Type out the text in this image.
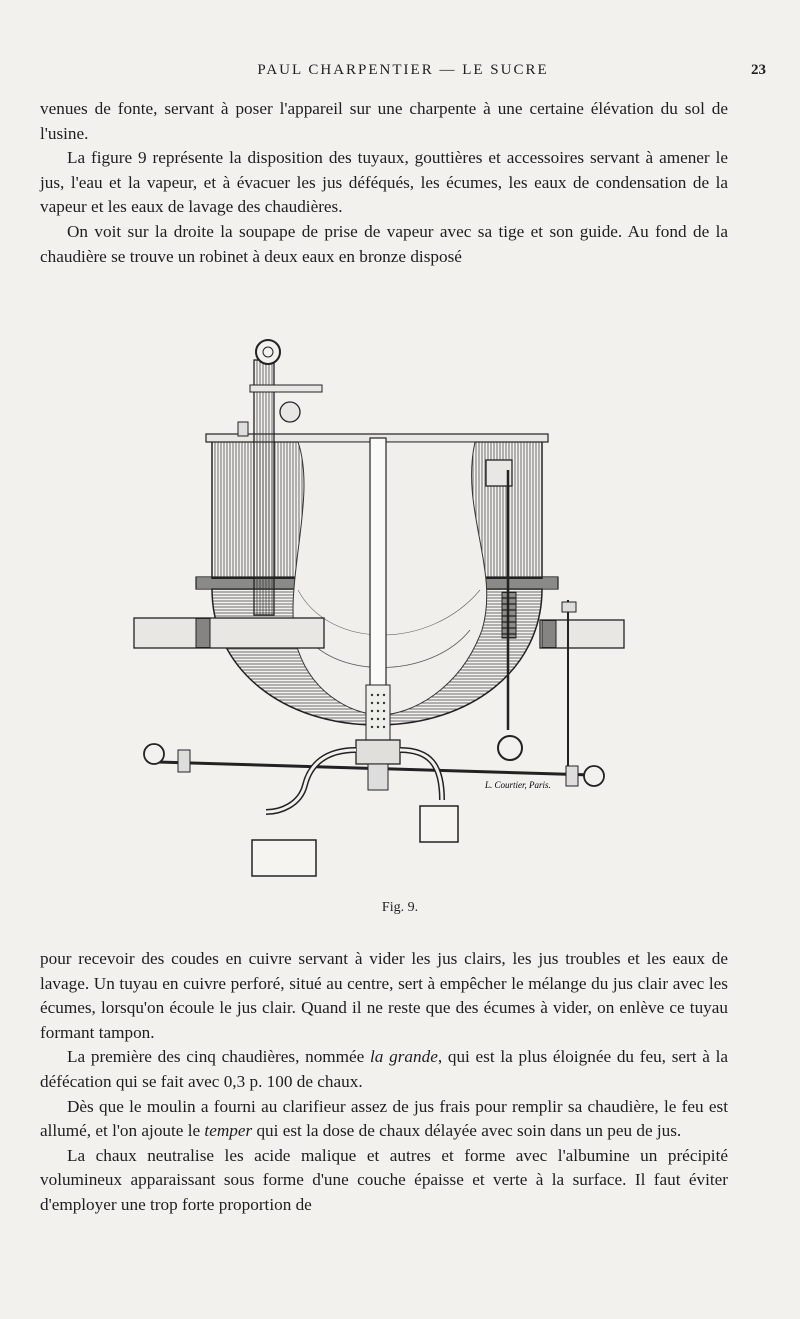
PAUL CHARPENTIER — LE SUCRE	23

venues de fonte, servant à poser l'appareil sur une charpente à une certaine élévation du sol de l'usine.

La figure 9 représente la disposition des tuyaux, gouttières et accessoires servant à amener le jus, l'eau et la vapeur, et à évacuer les jus déféqués, les écumes, les eaux de condensation de la vapeur et les eaux de lavage des chaudières.

On voit sur la droite la soupape de prise de vapeur avec sa tige et son guide. Au fond de la chaudière se trouve un robinet à deux eaux en bronze disposé

L. Courtier, Paris.
Fig. 9.

pour recevoir des coudes en cuivre servant à vider les jus clairs, les jus troubles et les eaux de lavage. Un tuyau en cuivre perforé, situé au centre, sert à empêcher le mélange du jus clair avec les écumes, lorsqu'on écoule le jus clair. Quand il ne reste que des écumes à vider, on enlève ce tuyau formant tampon.

La première des cinq chaudières, nommée la grande, qui est la plus éloignée du feu, sert à la défécation qui se fait avec 0,3 p. 100 de chaux.

Dès que le moulin a fourni au clarifieur assez de jus frais pour remplir sa chaudière, le feu est allumé, et l'on ajoute le temper qui est la dose de chaux délayée avec soin dans un peu de jus.

La chaux neutralise les acide malique et autres et forme avec l'albumine un précipité volumineux apparaissant sous forme d'une couche épaisse et verte à la surface. Il faut éviter d'employer une trop forte proportion de
